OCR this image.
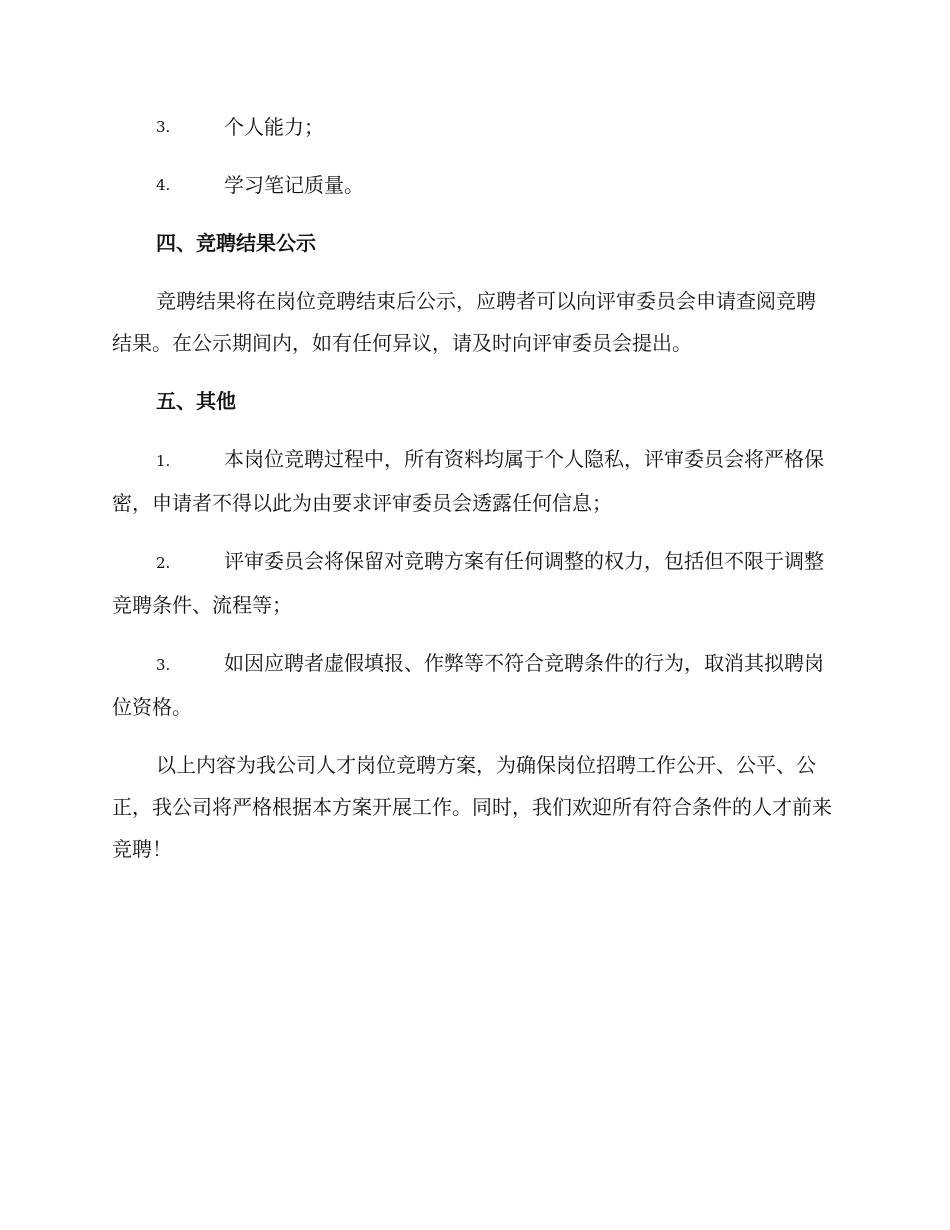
3.	个人能力；
4.	学习笔记质量。
四、竞聘结果公示
竞聘结果将在岗位竞聘结束后公示，应聘者可以向评审委员会申请查阅竞聘结果。在公示期间内，如有任何异议，请及时向评审委员会提出。
五、其他
1.	本岗位竞聘过程中，所有资料均属于个人隐私，评审委员会将严格保密，申请者不得以此为由要求评审委员会透露任何信息；
2.	评审委员会将保留对竞聘方案有任何调整的权力，包括但不限于调整竞聘条件、流程等；
3.	如因应聘者虚假填报、作弊等不符合竞聘条件的行为，取消其拟聘岗位资格。
以上内容为我公司人才岗位竞聘方案，为确保岗位招聘工作公开、公平、公正，我公司将严格根据本方案开展工作。同时，我们欢迎所有符合条件的人才前来竞聘！
